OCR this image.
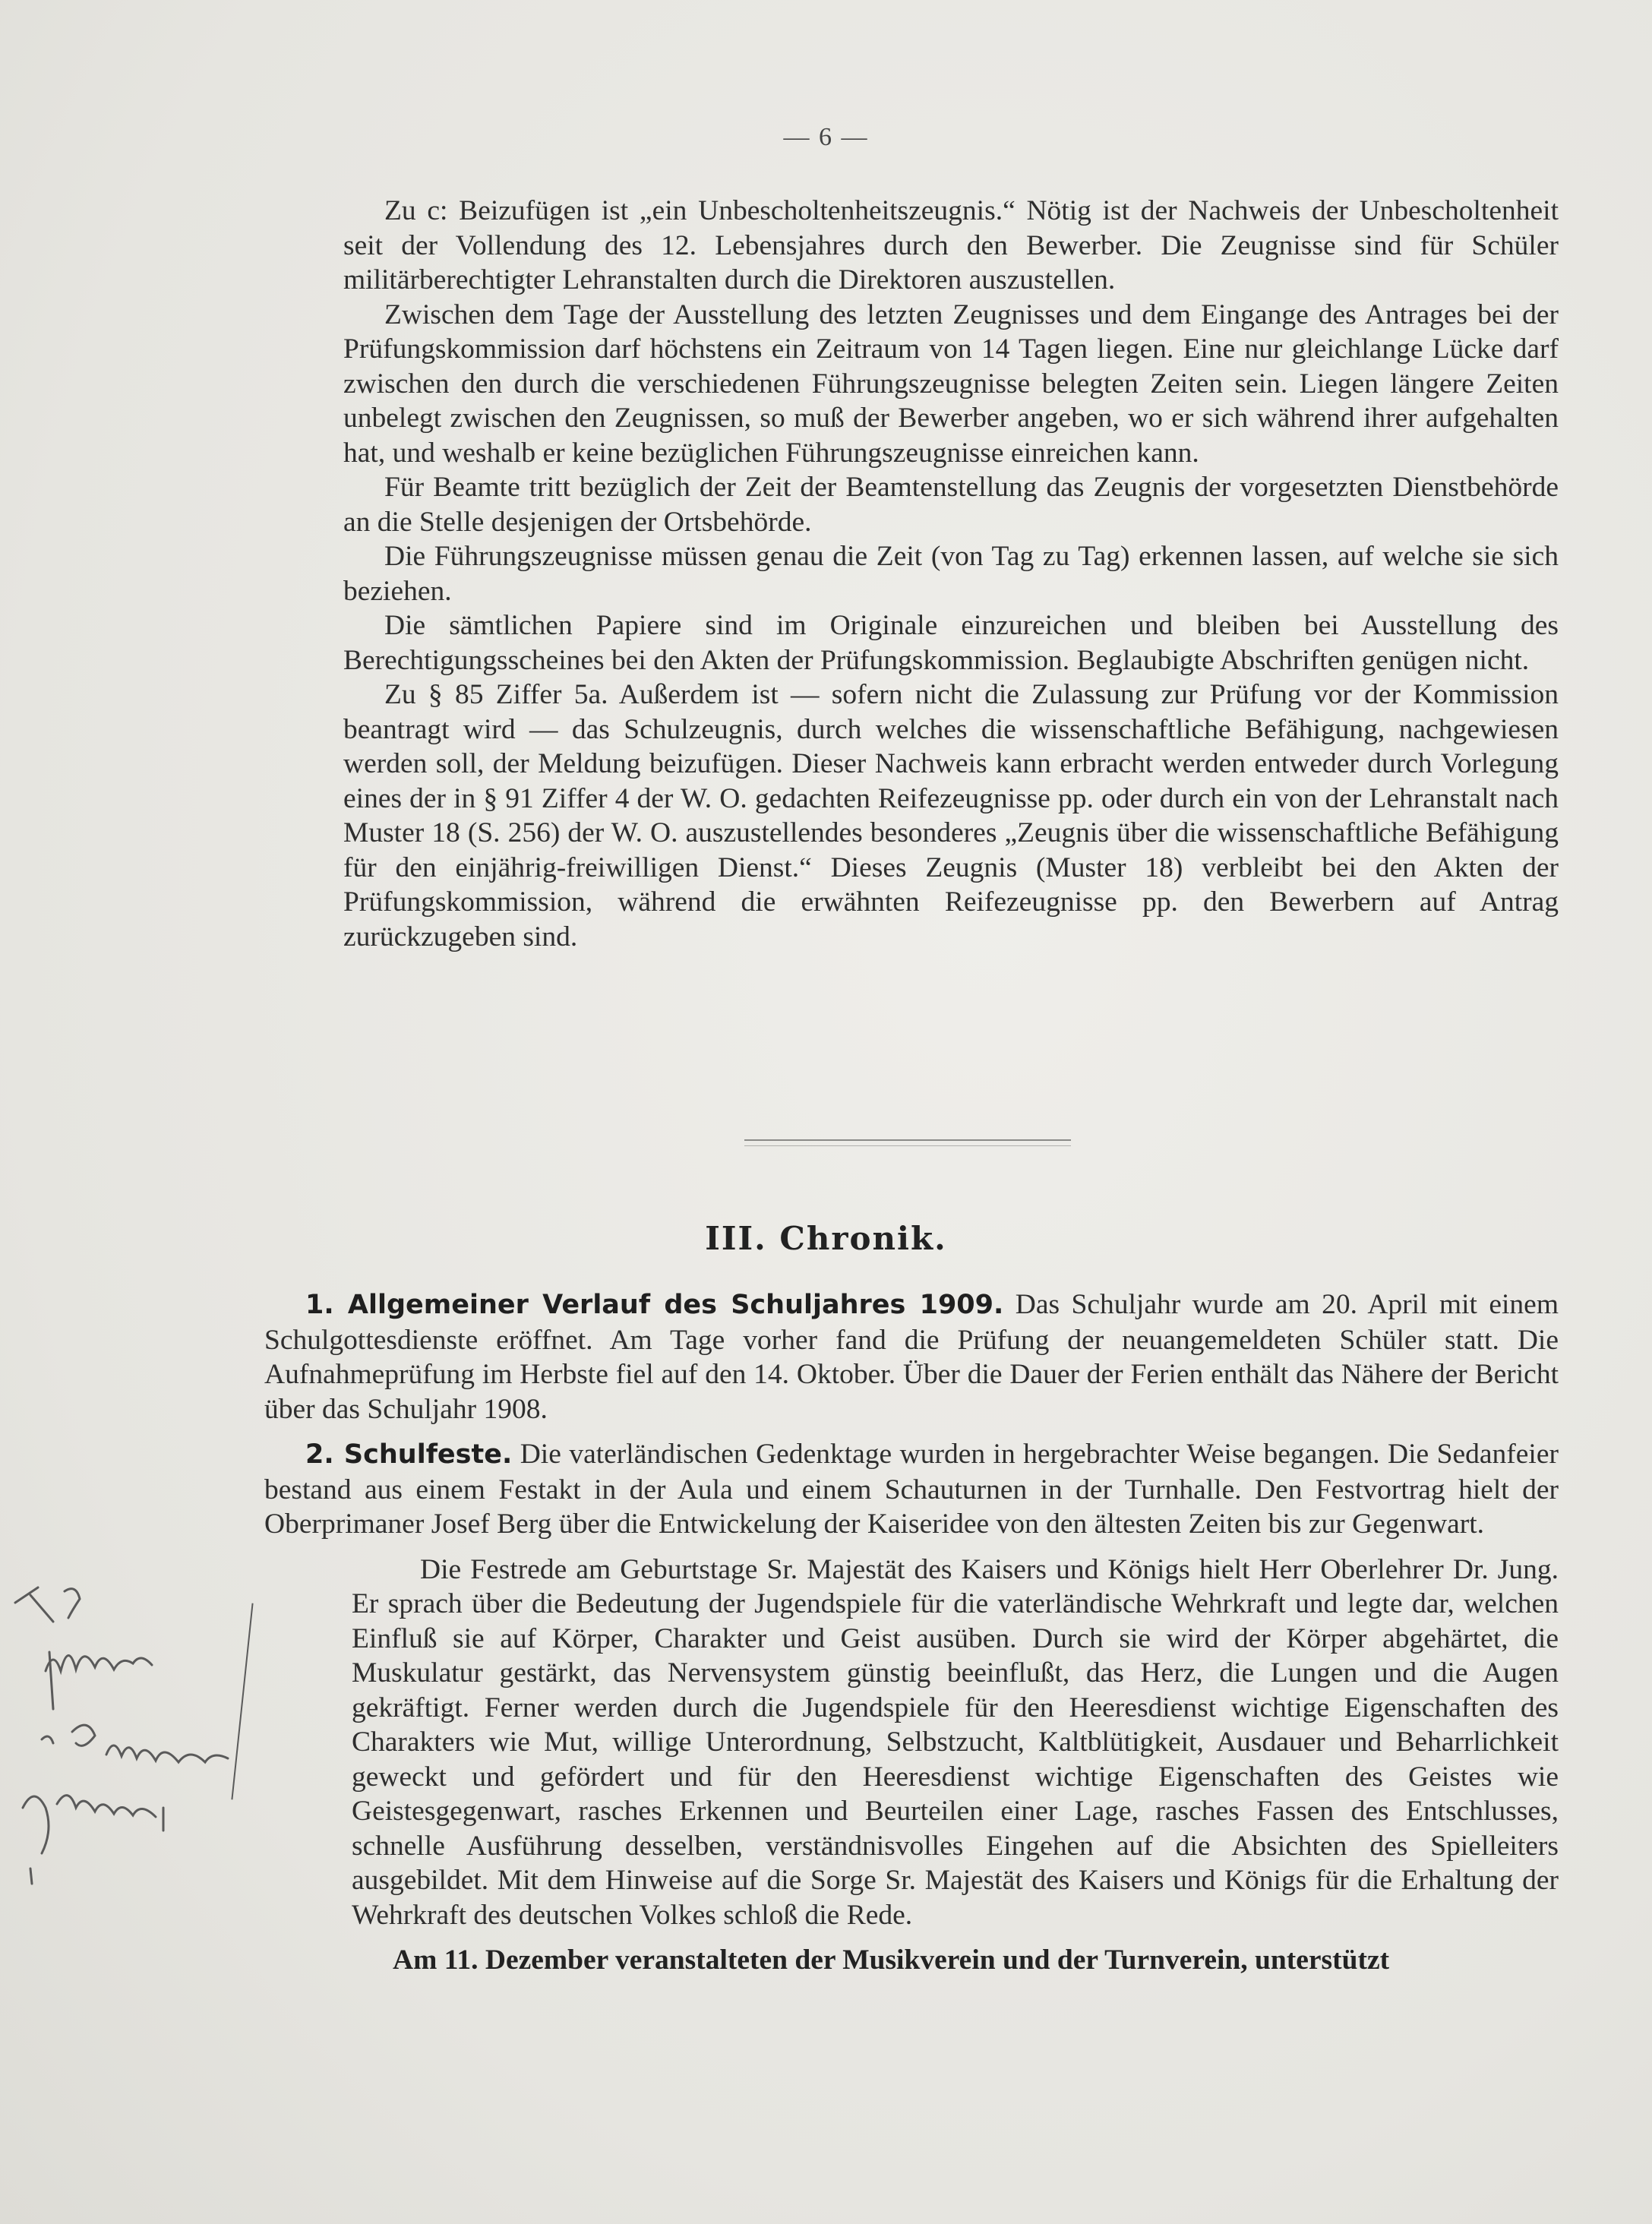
— 6 —

Zu c: Beizufügen ist „ein Unbescholtenheitszeugnis.“ Nötig ist der Nachweis der Unbescholtenheit seit der Vollendung des 12. Lebensjahres durch den Bewerber. Die Zeugnisse sind für Schüler militärberechtigter Lehranstalten durch die Direktoren auszustellen.

Zwischen dem Tage der Ausstellung des letzten Zeugnisses und dem Eingange des Antrages bei der Prüfungskommission darf höchstens ein Zeitraum von 14 Tagen liegen. Eine nur gleichlange Lücke darf zwischen den durch die verschiedenen Führungszeugnisse belegten Zeiten sein. Liegen längere Zeiten unbelegt zwischen den Zeugnissen, so muß der Bewerber angeben, wo er sich während ihrer aufgehalten hat, und weshalb er keine bezüglichen Führungszeugnisse einreichen kann.

Für Beamte tritt bezüglich der Zeit der Beamtenstellung das Zeugnis der vorgesetzten Dienstbehörde an die Stelle desjenigen der Ortsbehörde.

Die Führungszeugnisse müssen genau die Zeit (von Tag zu Tag) erkennen lassen, auf welche sie sich beziehen.

Die sämtlichen Papiere sind im Originale einzureichen und bleiben bei Ausstellung des Berechtigungsscheines bei den Akten der Prüfungskommission. Beglaubigte Abschriften genügen nicht.

Zu § 85 Ziffer 5a. Außerdem ist — sofern nicht die Zulassung zur Prüfung vor der Kommission beantragt wird — das Schulzeugnis, durch welches die wissenschaftliche Befähigung, nachgewiesen werden soll, der Meldung beizufügen. Dieser Nachweis kann erbracht werden entweder durch Vorlegung eines der in § 91 Ziffer 4 der W. O. gedachten Reifezeugnisse pp. oder durch ein von der Lehranstalt nach Muster 18 (S. 256) der W. O. auszustellendes besonderes „Zeugnis über die wissenschaftliche Befähigung für den einjährig-freiwilligen Dienst.“ Dieses Zeugnis (Muster 18) verbleibt bei den Akten der Prüfungskommission, während die erwähnten Reifezeugnisse pp. den Bewerbern auf Antrag zurückzugeben sind.

III. Chronik.

1. Allgemeiner Verlauf des Schuljahres 1909. Das Schuljahr wurde am 20. April mit einem Schulgottesdienste eröffnet. Am Tage vorher fand die Prüfung der neuangemeldeten Schüler statt. Die Aufnahmeprüfung im Herbste fiel auf den 14. Oktober. Über die Dauer der Ferien enthält das Nähere der Bericht über das Schuljahr 1908.

2. Schulfeste. Die vaterländischen Gedenktage wurden in hergebrachter Weise begangen. Die Sedanfeier bestand aus einem Festakt in der Aula und einem Schauturnen in der Turnhalle. Den Festvortrag hielt der Oberprimaner Josef Berg über die Entwickelung der Kaiseridee von den ältesten Zeiten bis zur Gegenwart.

Die Festrede am Geburtstage Sr. Majestät des Kaisers und Königs hielt Herr Oberlehrer Dr. Jung. Er sprach über die Bedeutung der Jugendspiele für die vaterländische Wehrkraft und legte dar, welchen Einfluß sie auf Körper, Charakter und Geist ausüben. Durch sie wird der Körper abgehärtet, die Muskulatur gestärkt, das Nervensystem günstig beeinflußt, das Herz, die Lungen und die Augen gekräftigt. Ferner werden durch die Jugendspiele für den Heeresdienst wichtige Eigenschaften des Charakters wie Mut, willige Unterordnung, Selbstzucht, Kaltblütigkeit, Ausdauer und Beharrlichkeit geweckt und gefördert und für den Heeresdienst wichtige Eigenschaften des Geistes wie Geistesgegenwart, rasches Erkennen und Beurteilen einer Lage, rasches Fassen des Entschlusses, schnelle Ausführung desselben, verständnisvolles Eingehen auf die Absichten des Spielleiters ausgebildet. Mit dem Hinweise auf die Sorge Sr. Majestät des Kaisers und Königs für die Erhaltung der Wehrkraft des deutschen Volkes schloß die Rede.

Am 11. Dezember veranstalteten der Musikverein und der Turnverein, unterstützt
